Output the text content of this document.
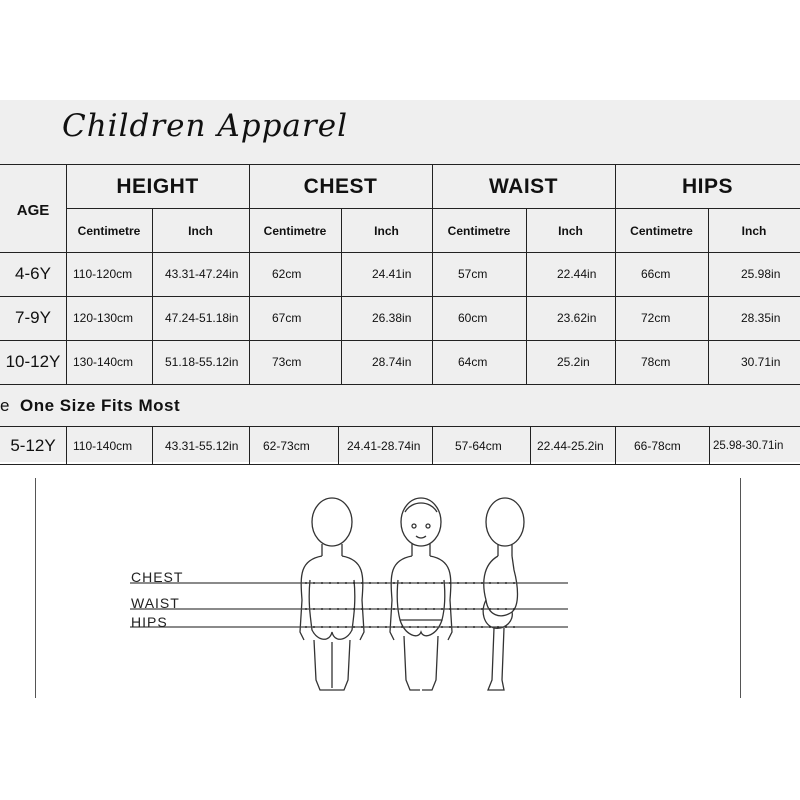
Children Apparel
AGE
HEIGHT	CHEST	WAIST	HIPS
Centimetre	Inch	Centimetre	Inch	Centimetre	Inch	Centimetre	Inch
4-6Y	110-120cm	43.31-47.24in	62cm	24.41in	57cm	22.44in	66cm	25.98in
7-9Y	120-130cm	47.24-51.18in	67cm	26.38in	60cm	23.62in	72cm	28.35in
10-12Y	130-140cm	51.18-55.12in	73cm	28.74in	64cm	25.2in	78cm	30.71in
e One Size Fits Most
5-12Y	110-140cm	43.31-55.12in 62-73cm	24.41-28.74in	57-64cm	22.44-25.2in	66-78cm	25.98-30.71in
CHEST
WAIST
HIPS
